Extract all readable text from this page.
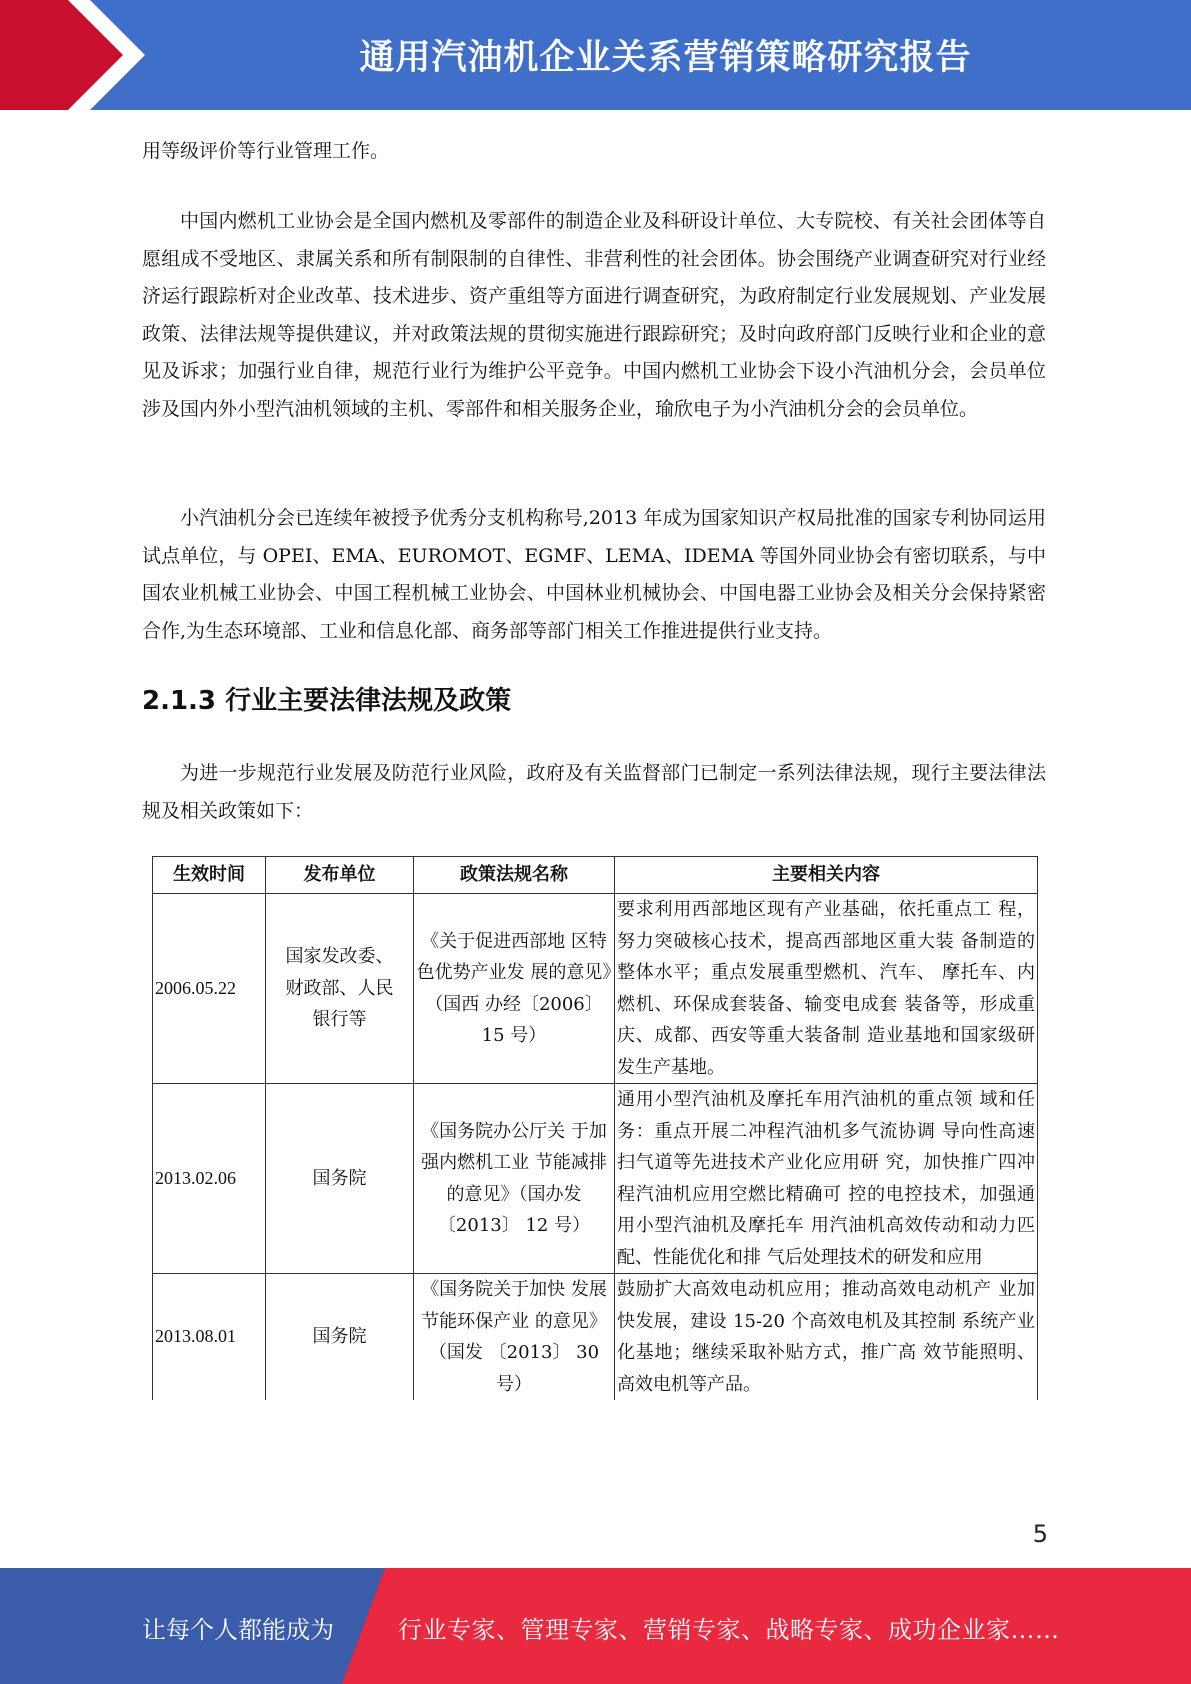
通用汽油机企业关系营销策略研究报告

用等级评价等行业管理工作。

中国内燃机工业协会是全国内燃机及零部件的制造企业及科研设计单位、大专院校、有关社会团体等自愿组成不受地区、隶属关系和所有制限制的自律性、非营利性的社会团体。协会围绕产业调查研究对行业经济运行跟踪析对企业改革、技术进步、资产重组等方面进行调查研究，为政府制定行业发展规划、产业发展政策、法律法规等提供建议，并对政策法规的贯彻实施进行跟踪研究；及时向政府部门反映行业和企业的意见及诉求；加强行业自律，规范行业行为维护公平竞争。中国内燃机工业协会下设小汽油机分会，会员单位涉及国内外小型汽油机领域的主机、零部件和相关服务企业，瑜欣电子为小汽油机分会的会员单位。

小汽油机分会已连续年被授予优秀分支机构称号,2013 年成为国家知识产权局批准的国家专利协同运用试点单位，与 OPEI、EMA、EUROMOT、EGMF、LEMA、IDEMA 等国外同业协会有密切联系，与中国农业机械工业协会、中国工程机械工业协会、中国林业机械协会、中国电器工业协会及相关分会保持紧密合作,为生态环境部、工业和信息化部、商务部等部门相关工作推进提供行业支持。

2.1.3 行业主要法律法规及政策

为进一步规范行业发展及防范行业风险，政府及有关监督部门已制定一系列法律法规，现行主要法律法规及相关政策如下：

生效时间	发布单位	政策法规名称	主要相关内容
2006.05.22	国家发改委、财政部、人民银行等	《关于促进西部地 区特色优势产业发 展的意见》（国西 办经〔2006〕 15 号）	要求利用西部地区现有产业基础，依托重点工 程，努力突破核心技术，提高西部地区重大装 备制造的整体水平；重点发展重型燃机、汽车、 摩托车、内燃机、环保成套装备、输变电成套 装备等，形成重庆、成都、西安等重大装备制 造业基地和国家级研发生产基地。
2013.02.06	国务院	《国务院办公厅关 于加强内燃机工业 节能减排的意见》（国办发〔2013〕 12 号）	通用小型汽油机及摩托车用汽油机的重点领 域和任务：重点开展二冲程汽油机多气流协调 导向性高速扫气道等先进技术产业化应用研 究，加快推广四冲程汽油机应用空燃比精确可 控的电控技术，加强通用小型汽油机及摩托车 用汽油机高效传动和动力匹配、性能优化和排 气后处理技术的研发和应用
2013.08.01	国务院	《国务院关于加快 发展节能环保产业 的意见》（国发 〔2013〕 30 号）	鼓励扩大高效电动机应用；推动高效电动机产 业加快发展，建设 15-20 个高效电机及其控制 系统产业化基地；继续采取补贴方式，推广高 效节能照明、高效电机等产品。
5
让每个人都能成为	行业专家、管理专家、营销专家、战略专家、成功企业家……
